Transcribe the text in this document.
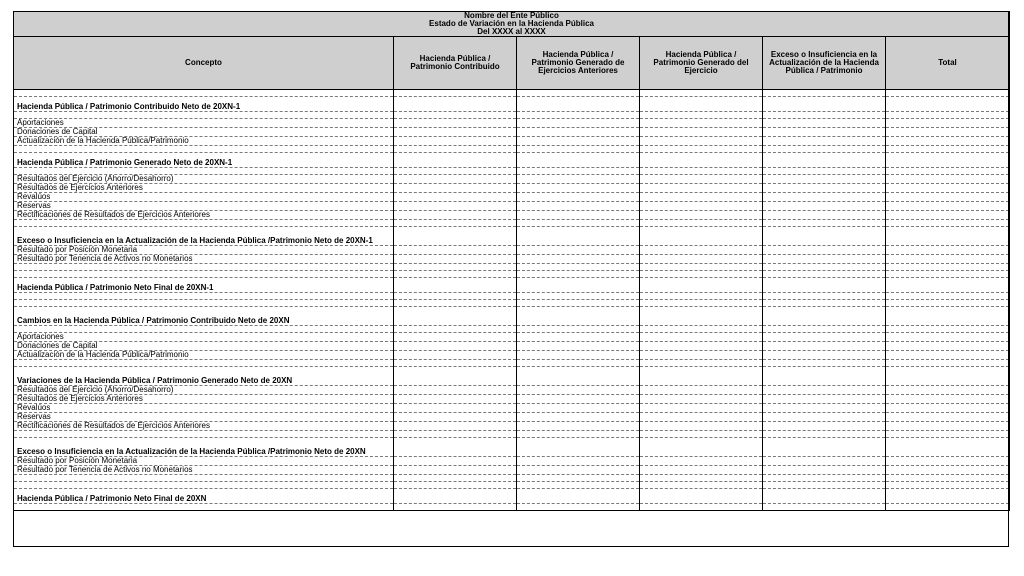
Nombre del Ente Público
Estado de Variación en la Hacienda Pública
Del XXXX al XXXX					

Concepto	Hacienda Pública / Patrimonio Contribuido	Hacienda Pública / Patrimonio Generado de Ejercicios Anteriores	Hacienda Pública / Patrimonio Generado del Ejercicio	Exceso o Insuficiencia en la Actualización de la Hacienda Pública / Patrimonio	Total

Hacienda Pública / Patrimonio Contribuido Neto de 20XN-1					

Aportaciones					
Donaciones de Capital					
Actualización de la Hacienda Pública/Patrimonio					

Hacienda Pública / Patrimonio Generado Neto de 20XN-1					

Resultados del Ejercicio (Ahorro/Desahorro)					
Resultados de Ejercicios Anteriores					
Revalúos					
Reservas					
Rectificaciones de Resultados de Ejercicios Anteriores					

Exceso o Insuficiencia en la Actualización de la Hacienda Pública /Patrimonio Neto de 20XN-1					
Resultado por Posición Monetaria					
Resultado por Tenencia de Activos no Monetarios					

Hacienda Pública / Patrimonio Neto Final de 20XN-1					

Cambios en la Hacienda Pública / Patrimonio Contribuido Neto de 20XN					

Aportaciones					
Donaciones de Capital					
Actualización de la Hacienda Pública/Patrimonio					

Variaciones de la Hacienda Pública / Patrimonio Generado Neto de 20XN					
Resultados del Ejercicio (Ahorro/Desahorro)					
Resultados de Ejercicios Anteriores					
Revalúos					
Reservas					
Rectificaciones de Resultados de Ejercicios Anteriores					

Exceso o Insuficiencia en la Actualización de la Hacienda Pública /Patrimonio Neto de 20XN					
Resultado por Posición Monetaria					
Resultado por Tenencia de Activos no Monetarios					

Hacienda Pública / Patrimonio Neto Final de 20XN					
